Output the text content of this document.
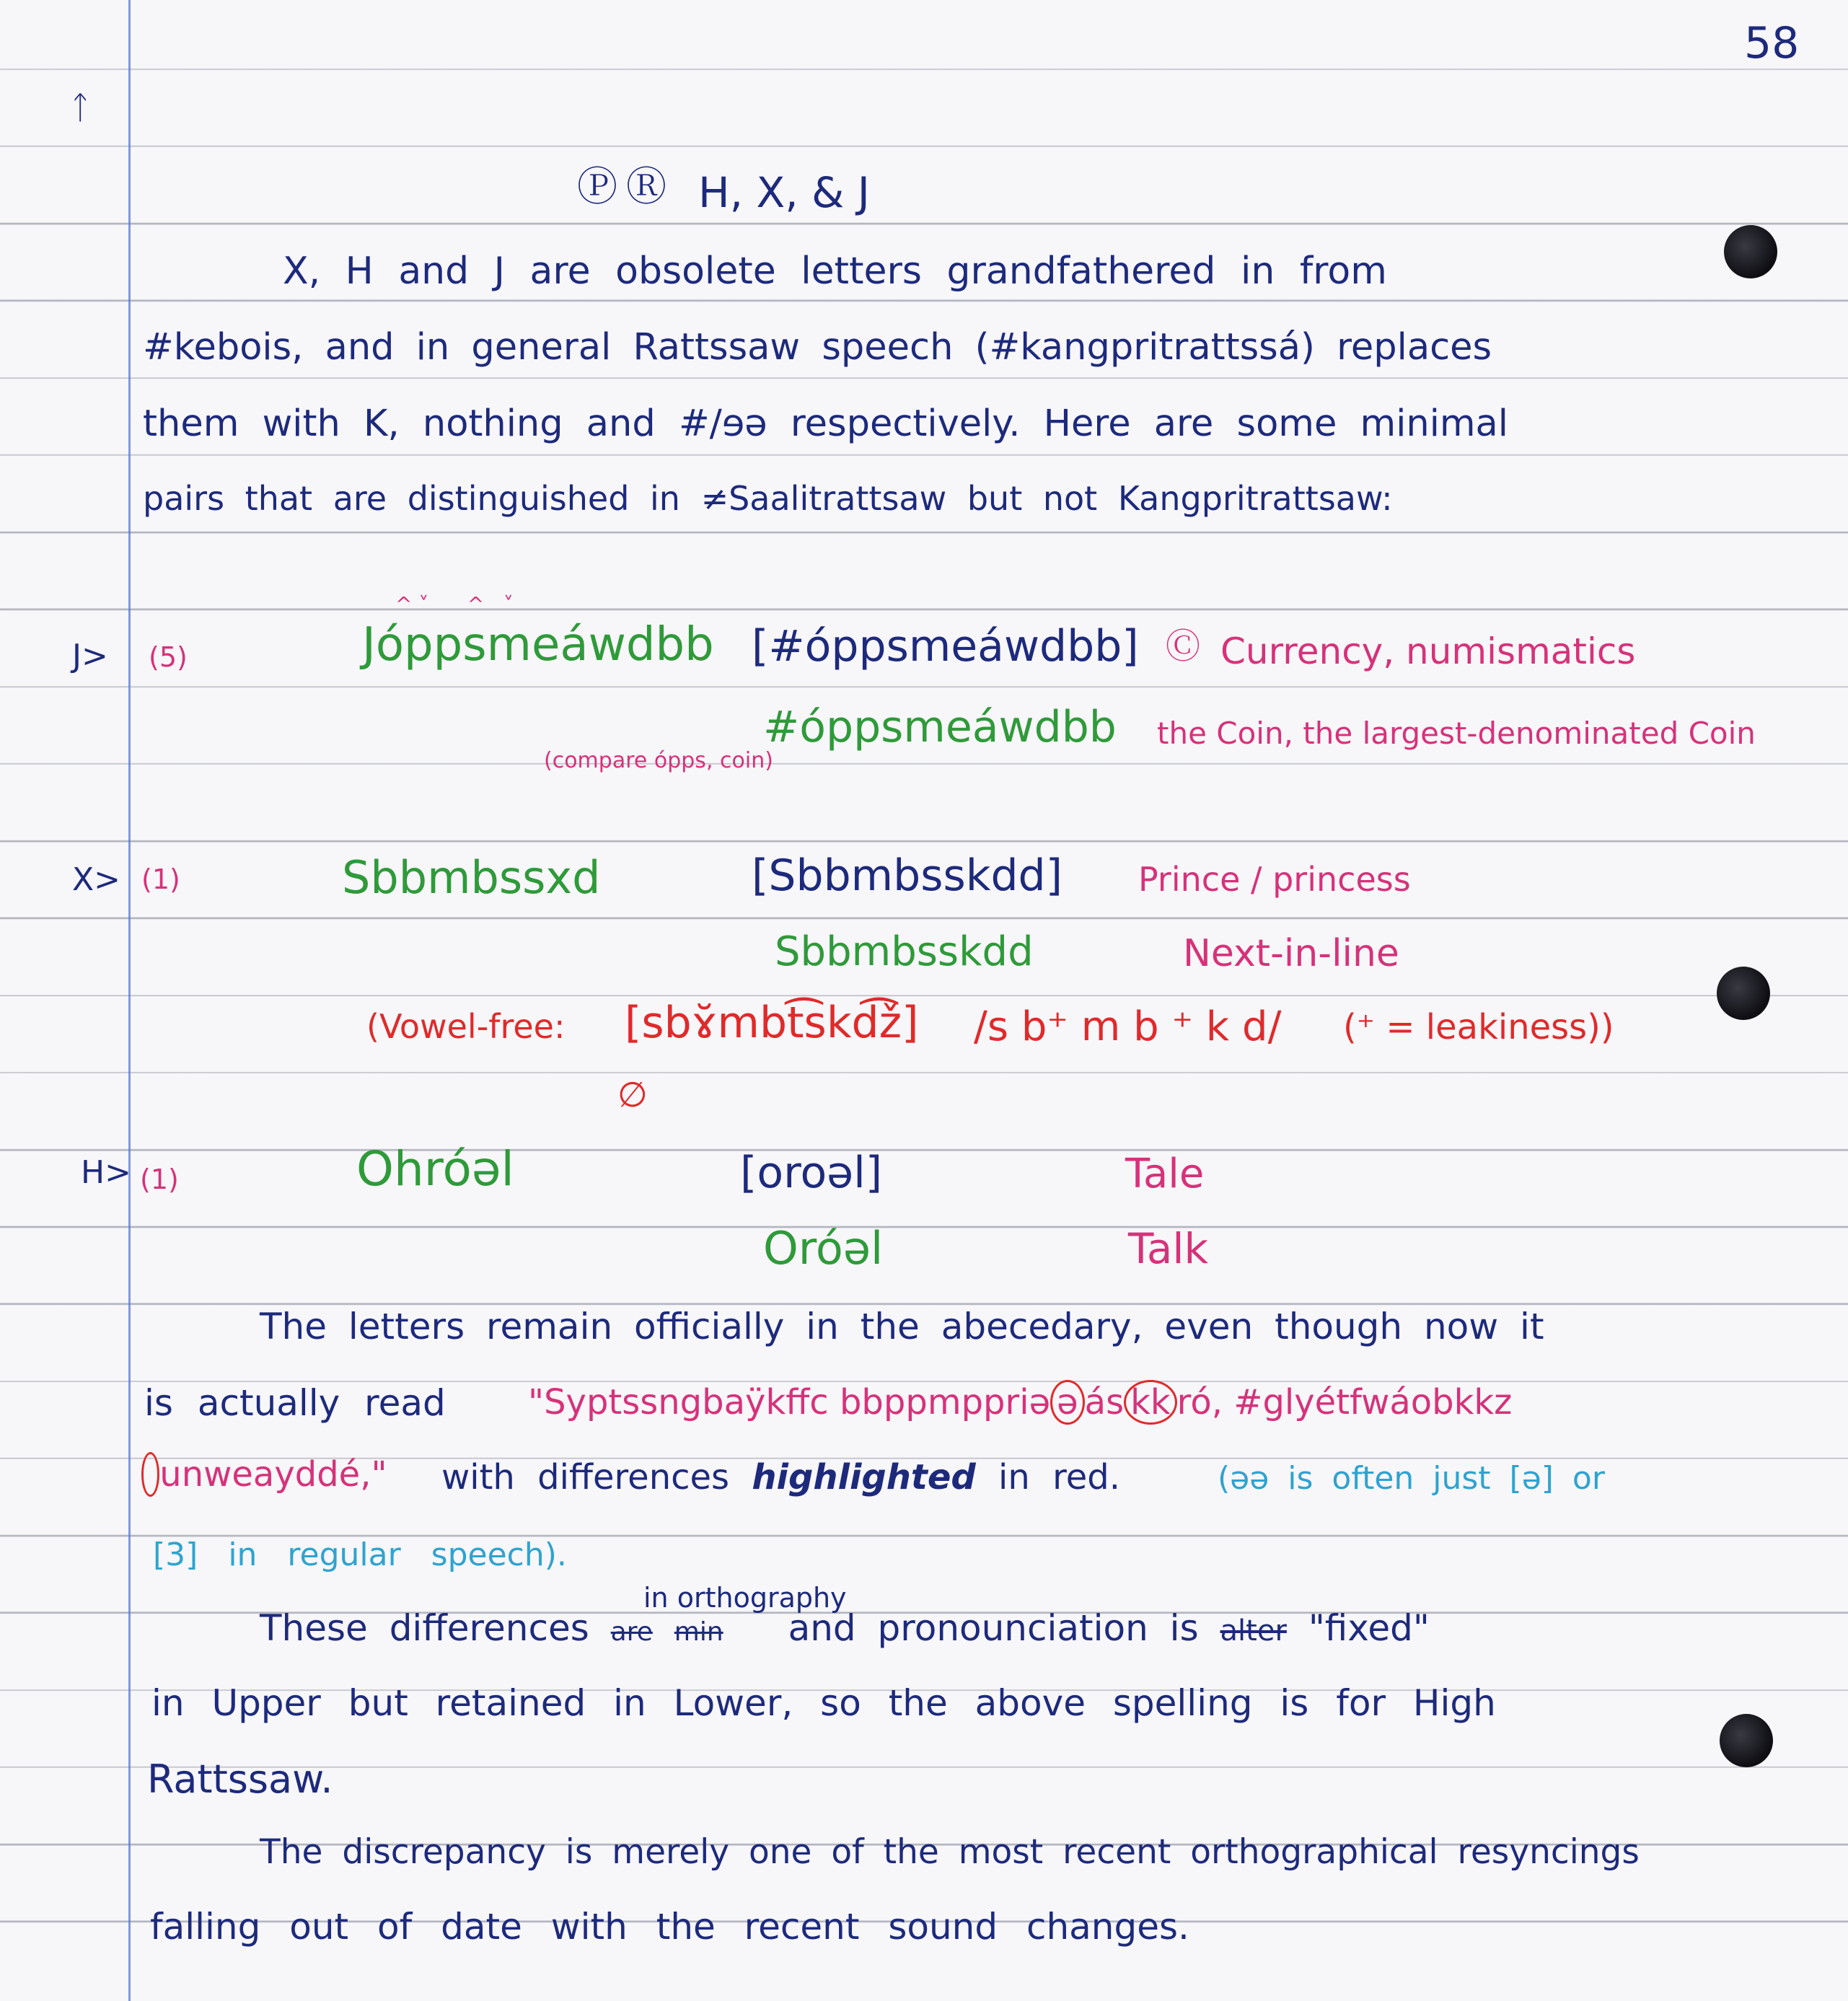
58
ᛏ
Ⓟ Ⓡ H, X, & J
X, H and J are obsolete letters grandfathered in from
#kebois, and in general Rattssaw speech (#kangpritrattssá) replaces
them with K, nothing and #/ɘə respectively. Here are some minimal
pairs that are distinguished in ≠Saalitrattsaw but not Kangpritrattsaw:
J> (5)
^ ˅      ^   ˅
Jóppsmeáwdbb [#óppsmeáwdbb] Ⓒ Currency, numismatics
#óppsmeáwdbb the Coin, the largest-denominated Coin
(compare ópps, coin)
X> (1)	Sbbmbssxd	[Sbbmbsskdd] Prince / princess
Sbbmbsskdd	Next-in-line
(Vowel-free: [sbɤ̆mbt͡skd͡ž] /s b⁺ m b ⁺ k d/ (⁺ = leakiness))
∅
H> (1)	Ohróəl	[oroəl]	Tale
Oróəl	Talk
The letters remain officially in the abecedary, even though now it
is actually read "Syptssngbaÿkffc bbppmppriə ə ás kk ró, #glyétfwáobkkz
unweayddé," with differences highlighted in red.	(əə is often just [ə] or
[3] in regular speech).
in orthography
These differences are min and pronounciation is alter "fixed"
in Upper but retained in Lower, so the above spelling is for High
Rattssaw.
The discrepancy is merely one of the most recent orthographical resyncings
falling out of date with the recent sound changes.
